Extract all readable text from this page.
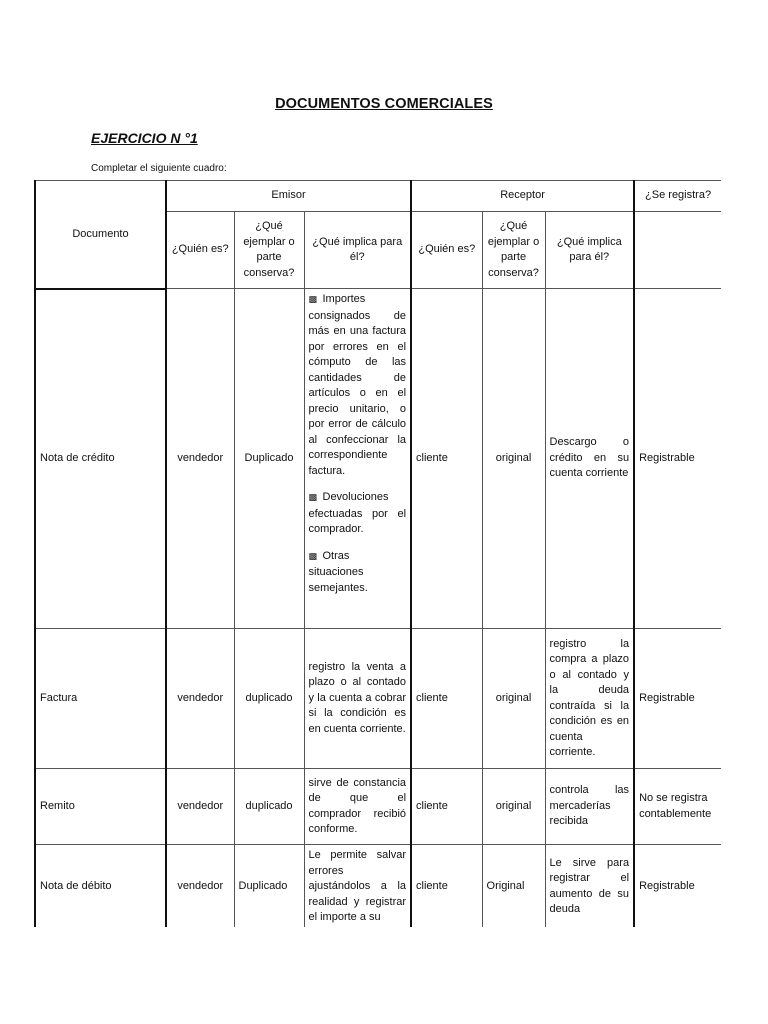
DOCUMENTOS COMERCIALES
EJERCICIO N °1
Completar el siguiente cuadro:
Documento	Emisor			Receptor			¿Se registra?
	¿Quién es?	¿Qué ejemplar o parte conserva?	¿Qué implica para él?	¿Quién es?	¿Qué ejemplar o parte conserva?	¿Qué implica para él?	
Nota de crédito	vendedor	Duplicado	▩ Importes consignados de más en una factura por errores en el cómputo de las cantidades de artículos o en el precio unitario, o por error de cálculo al confeccionar la correspondiente factura.

▩ Devoluciones efectuadas por el comprador.

▩ Otras situaciones semejantes.	cliente	original	Descargo o crédito en su cuenta corriente	Registrable
Factura	vendedor	duplicado	registro la venta a plazo o al contado y la cuenta a cobrar si la condición es en cuenta corriente.	cliente	original	registro la compra a plazo o al contado y la deuda contraída si la condición es en cuenta corriente.	Registrable
Remito	vendedor	duplicado	sirve de constancia de que el comprador recibió conforme.	cliente	original	controla las mercaderías recibida	No se registra contablemente
Nota de débito	vendedor	Duplicado	Le permite salvar errores ajustándolos a la realidad y registrar el importe a su	cliente	Original	Le sirve para registrar el aumento de su deuda	Registrable
